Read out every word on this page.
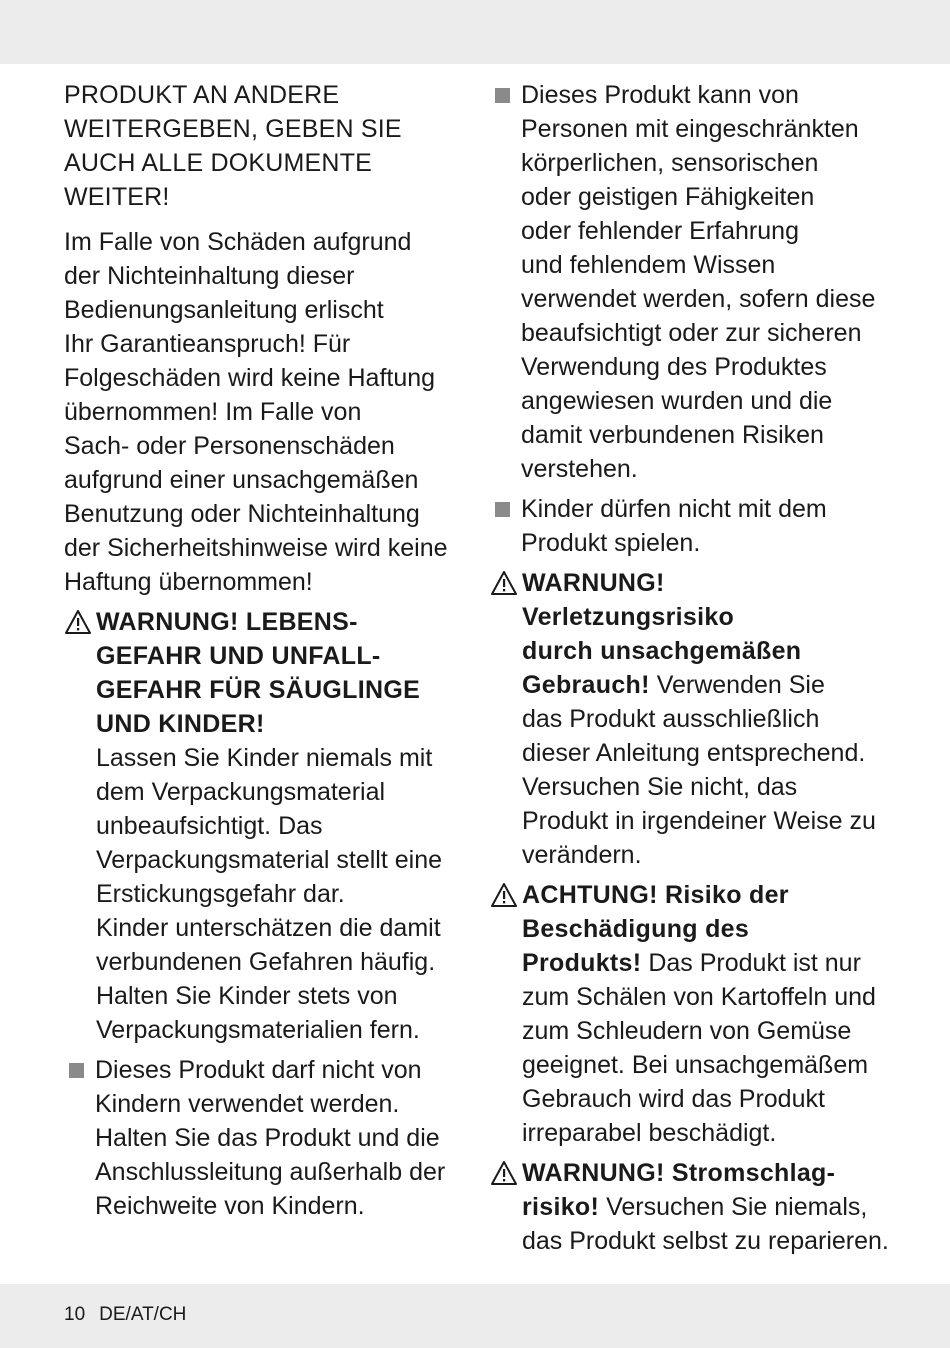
PRODUKT AN ANDERE
WEITERGEBEN, GEBEN SIE
AUCH ALLE DOKUMENTE
WEITER!
Im Falle von Schäden aufgrund
der Nichteinhaltung dieser
Bedienungsanleitung erlischt
Ihr Garantieanspruch! Für
Folgeschäden wird keine Haftung
übernommen! Im Falle von
Sach- oder Personenschäden
aufgrund einer unsachgemäßen
Benutzung oder Nichteinhaltung
der Sicherheitshinweise wird keine
Haftung übernommen!
WARNUNG! LEBENS-
GEFAHR UND UNFALL-
GEFAHR FÜR SÄUGLINGE
UND KINDER!
Lassen Sie Kinder niemals mit
dem Verpackungsmaterial
unbeaufsichtigt. Das
Verpackungsmaterial stellt eine
Erstickungsgefahr dar.
Kinder unterschätzen die damit
verbundenen Gefahren häufig.
Halten Sie Kinder stets von
Verpackungsmaterialien fern.
Dieses Produkt darf nicht von
Kindern verwendet werden.
Halten Sie das Produkt und die
Anschlussleitung außerhalb der
Reichweite von Kindern.
Dieses Produkt kann von
Personen mit eingeschränkten
körperlichen, sensorischen
oder geistigen Fähigkeiten
oder fehlender Erfahrung
und fehlendem Wissen
verwendet werden, sofern diese
beaufsichtigt oder zur sicheren
Verwendung des Produktes
angewiesen wurden und die
damit verbundenen Risiken
verstehen.
Kinder dürfen nicht mit dem
Produkt spielen.
WARNUNG!
Verletzungsrisiko
durch unsachgemäßen
Gebrauch! Verwenden Sie
das Produkt ausschließlich
dieser Anleitung entsprechend.
Versuchen Sie nicht, das
Produkt in irgendeiner Weise zu
verändern.
ACHTUNG! Risiko der
Beschädigung des
Produkts! Das Produkt ist nur
zum Schälen von Kartoffeln und
zum Schleudern von Gemüse
geeignet. Bei unsachgemäßem
Gebrauch wird das Produkt
irreparabel beschädigt.
WARNUNG! Stromschlag-
risiko! Versuchen Sie niemals,
das Produkt selbst zu reparieren.
10 DE/AT/CH
